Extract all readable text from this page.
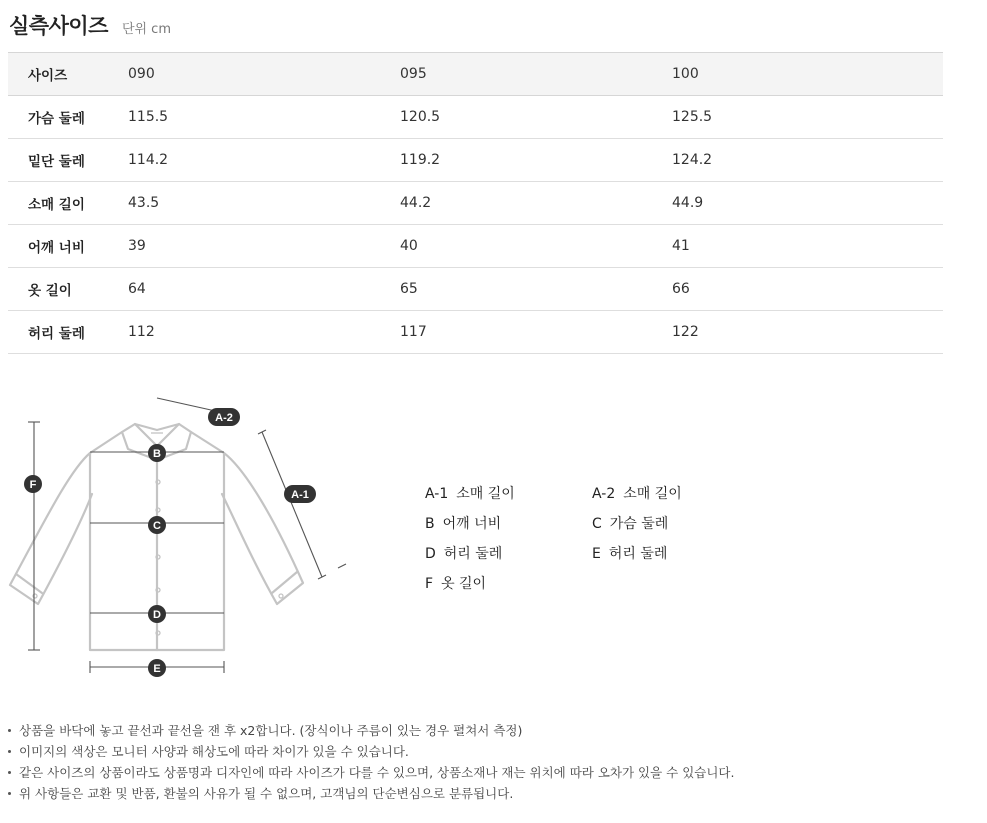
실측사이즈 단위 cm
사이즈	090	095	100
가슴 둘레	115.5	120.5	125.5
밑단 둘레	114.2	119.2	124.2
소매 길이	43.5	44.2	44.9
어깨 너비	39	40	41
옷 길이	64	65	66
허리 둘레	112	117	122
A-2
A-1
B
C
D
E
F
A-1 소매 길이	A-2 소매 길이
B 어깨 너비	C 가슴 둘레
D 허리 둘레	E 허리 둘레
F 옷 길이
상품을 바닥에 놓고 끝선과 끝선을 잰 후 x2합니다. (장식이나 주름이 있는 경우 펼쳐서 측정)
이미지의 색상은 모니터 사양과 해상도에 따라 차이가 있을 수 있습니다.
같은 사이즈의 상품이라도 상품명과 디자인에 따라 사이즈가 다를 수 있으며, 상품소재나 재는 위치에 따라 오차가 있을 수 있습니다.
위 사항들은 교환 및 반품, 환불의 사유가 될 수 없으며, 고객님의 단순변심으로 분류됩니다.
